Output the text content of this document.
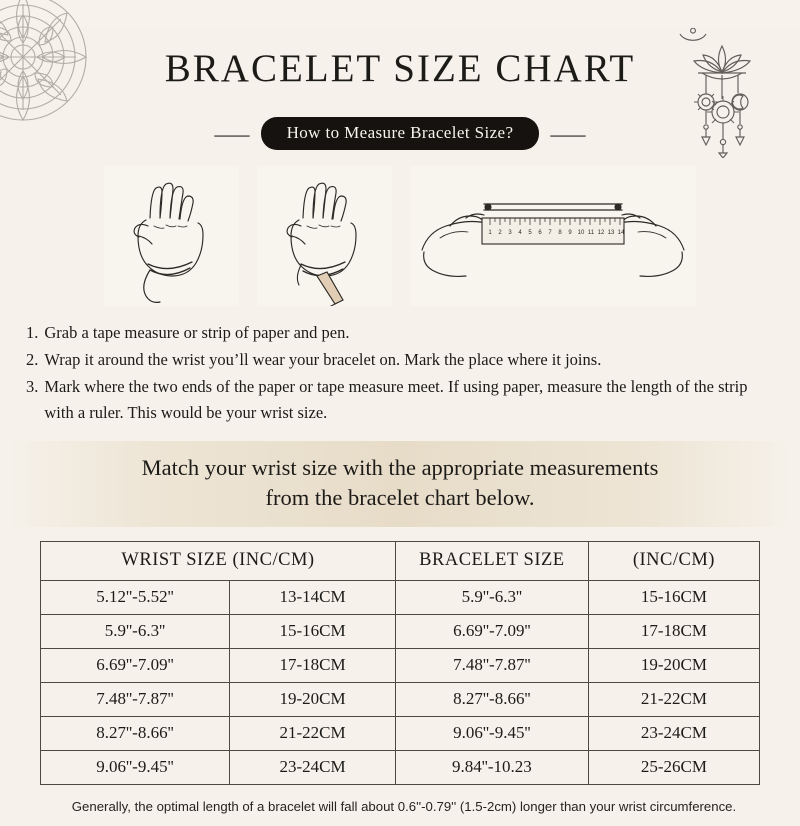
BRACELET SIZE CHART
⸺	How to Measure Bracelet Size?	⸺
1 2 3 4 5 6 7 8 9 10 11 12 13 14
1. Grab a tape measure or strip of paper and pen.
2. Wrap it around the wrist you’ll wear your bracelet on. Mark the place where it joins.
3. Mark where the two ends of the paper or tape measure meet. If using paper, measure the length of the strip with a ruler. This would be your wrist size.
Match your wrist size with the appropriate measurements
from the bracelet chart below.
WRIST SIZE (INC/CM)		BRACELET SIZE	(INC/CM)
5.12''-5.52''	13-14CM	5.9''-6.3''	15-16CM
5.9''-6.3''	15-16CM	6.69''-7.09''	17-18CM
6.69''-7.09''	17-18CM	7.48''-7.87''	19-20CM
7.48''-7.87''	19-20CM	8.27''-8.66''	21-22CM
8.27''-8.66''	21-22CM	9.06''-9.45''	23-24CM
9.06''-9.45''	23-24CM	9.84''-10.23	25-26CM
Generally, the optimal length of a bracelet will fall about 0.6''-0.79'' (1.5-2cm) longer than your wrist circumference.
